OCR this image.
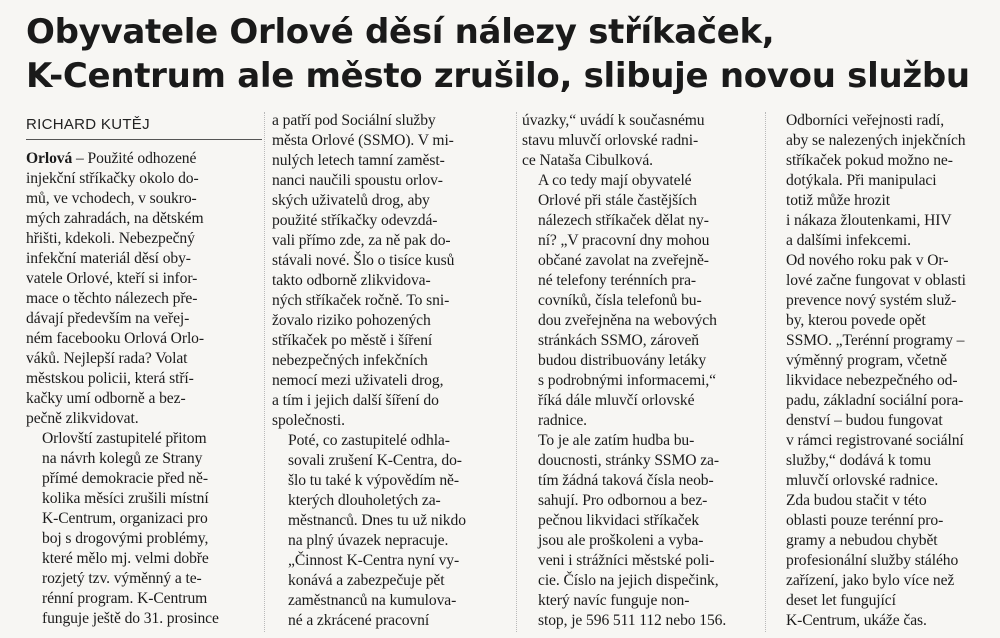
Obyvatele Orlové děsí nálezy stříkaček,
K-Centrum ale město zrušilo, slibuje novou službu
RICHARD KUTĚJ

Orlová – Použité odhozené
injekční stříkačky okolo do-
mů, ve vchodech, v soukro-
mých zahradách, na dětském
hřišti, kdekoli. Nebezpečný
infekční materiál děsí oby-
vatele Orlové, kteří si infor-
mace o těchto nálezech pře-
dávají především na veřej-
ném facebooku Orlová Orlo-
váků. Nejlepší rada? Volat
městskou policii, která stří-
kačky umí odborně a bez-
pečně zlikvidovat.

Orlovští zastupitelé přitom
na návrh kolegů ze Strany
přímé demokracie před ně-
kolika měsíci zrušili místní
K-Centrum, organizaci pro
boj s drogovými problémy,
které mělo mj. velmi dobře
rozjetý tzv. výměnný a te-
rénní program. K-Centrum
funguje ještě do 31. prosince

a patří pod Sociální služby
města Orlové (SSMO). V mi-
nulých letech tamní zaměst-
nanci naučili spoustu orlov-
ských uživatelů drog, aby
použité stříkačky odevzdá-
vali přímo zde, za ně pak do-
stávali nové. Šlo o tisíce kusů
takto odborně zlikvidova-
ných stříkaček ročně. To sni-
žovalo riziko pohozených
stříkaček po městě i šíření
nebezpečných infekčních
nemocí mezi uživateli drog,
a tím i jejich další šíření do
společnosti.

Poté, co zastupitelé odhla-
sovali zrušení K-Centra, do-
šlo tu také k výpovědím ně-
kterých dlouholetých za-
městnanců. Dnes tu už nikdo
na plný úvazek nepracuje.
„Činnost K-Centra nyní vy-
konává a zabezpečuje pět
zaměstnanců na kumulova-
né a zkrácené pracovní

úvazky,“ uvádí k současnému
stavu mluvčí orlovské radni-
ce Nataša Cibulková.

A co tedy mají obyvatelé
Orlové při stále častějších
nálezech stříkaček dělat ny-
ní? „V pracovní dny mohou
občané zavolat na zveřejně-
né telefony terénních pra-
covníků, čísla telefonů bu-
dou zveřejněna na webových
stránkách SSMO, zároveň
budou distribuovány letáky
s podrobnými informacemi,“
říká dále mluvčí orlovské
radnice.

To je ale zatím hudba bu-
doucnosti, stránky SSMO za-
tím žádná taková čísla neob-
sahují. Pro odbornou a bez-
pečnou likvidaci stříkaček
jsou ale proškoleni a vyba-
veni i strážníci městské poli-
cie. Číslo na jejich dispečink,
který navíc funguje non-
stop, je 596 511 112 nebo 156.

Odborníci veřejnosti radí,
aby se nalezených injekčních
stříkaček pokud možno ne-
dotýkala. Při manipulaci
totiž může hrozit
i nákaza žloutenkami, HIV
a dalšími infekcemi.

Od nového roku pak v Or-
lové začne fungovat v oblasti
prevence nový systém služ-
by, kterou povede opět
SSMO. „Terénní programy –
výměnný program, včetně
likvidace nebezpečného od-
padu, základní sociální pora-
denství – budou fungovat
v rámci registrované sociální
služby,“ dodává k tomu
mluvčí orlovské radnice.

Zda budou stačit v této
oblasti pouze terénní pro-
gramy a nebudou chybět
profesionální služby stálého
zařízení, jako bylo více než
deset let fungující
K-Centrum, ukáže čas.
